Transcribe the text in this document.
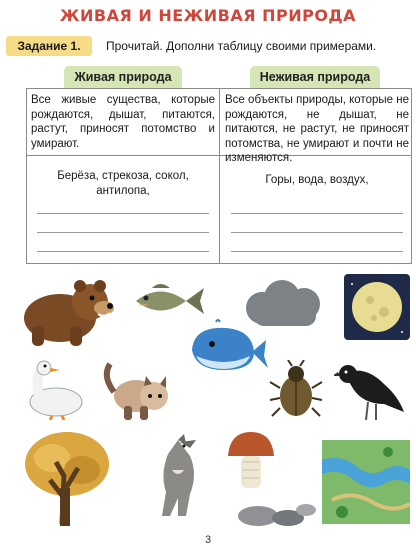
ЖИВАЯ И НЕЖИВАЯ ПРИРОДА
Задание 1.	Прочитай. Дополни таблицу своими примерами.
Живая природа	Неживая природа
Все живые существа, которые рождаются, дышат, питаются, растут, приносят потомство и умирают.
Все объекты природы, которые не рождаются, не дышат, не питаются, не растут, не приносят потомства, не умирают и почти не изменяются.
Берёза, стрекоза, сокол, антилопа,
Горы, вода, воздух,
3
